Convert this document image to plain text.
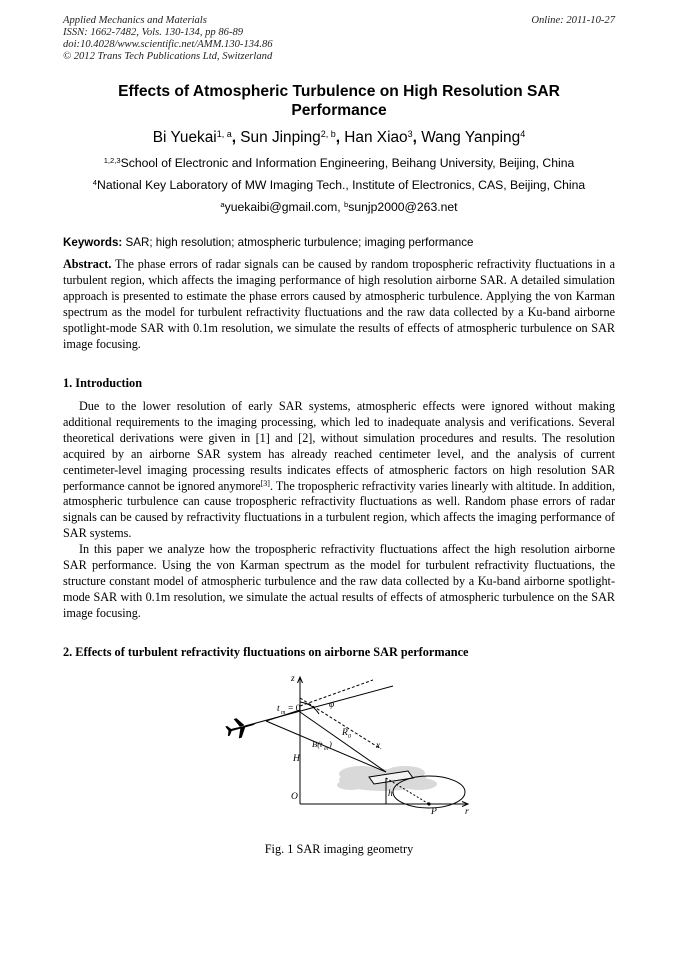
Applied Mechanics and Materials
ISSN: 1662-7482, Vols. 130-134, pp 86-89
doi:10.4028/www.scientific.net/AMM.130-134.86
© 2012 Trans Tech Publications Ltd, Switzerland
Online: 2011-10-27
Effects of Atmospheric Turbulence on High Resolution SAR
Performance
Bi Yuekai$^{1, a}$, Sun Jinping$^{2, b}$, Han Xiao$^3$, Wang Yanping$^4$
$^{1,2,3}$School of Electronic and Information Engineering, Beihang University, Beijing, China
$^4$National Key Laboratory of MW Imaging Tech., Institute of Electronics, CAS, Beijing, China
$^a$yuekaibi@gmail.com, $^b$sunjp2000@263.net
Keywords: SAR; high resolution; atmospheric turbulence; imaging performance
Abstract. The phase errors of radar signals can be caused by random tropospheric refractivity fluctuations in a turbulent region, which affects the imaging performance of high resolution airborne SAR. A detailed simulation approach is presented to estimate the phase errors caused by atmospheric turbulence. Applying the von Karman spectrum as the model for turbulent refractivity fluctuations and the raw data collected by a Ku-band airborne spotlight-mode SAR with 0.1m resolution, we simulate the results of effects of atmospheric turbulence on SAR image focusing.
1. Introduction
Due to the lower resolution of early SAR systems, atmospheric effects were ignored without making additional requirements to the imaging processing, which led to inadequate analysis and verifications. Several theoretical derivations were given in [1] and [2], without simulation procedures and results. The resolution acquired by an airborne SAR system has already reached centimeter level, and the analysis of current centimeter-level imaging processing results indicates effects of atmospheric factors on high resolution SAR performance cannot be ignored anymore[3]. The tropospheric refractivity varies linearly with altitude. In addition, atmospheric turbulence can cause tropospheric refractivity fluctuations as well. Random phase errors of radar signals can be caused by refractivity fluctuations in a turbulent region, which affects the imaging performance of SAR systems.
In this paper we analyze how the tropospheric refractivity fluctuations affect the high resolution airborne SAR performance. Using the von Karman spectrum as the model for turbulent refractivity fluctuations, the structure constant model of atmospheric turbulence and the raw data collected by a Ku-band airborne spotlight-mode SAR with 0.1m resolution, we simulate the actual results of effects of atmospheric turbulence on the SAR image focusing.
2. Effects of turbulent refractivity fluctuations on airborne SAR performance
z
t m = 0	φ
R 0
x
B(t m )
H
O	h
P	r
Fig. 1 SAR imaging geometry
